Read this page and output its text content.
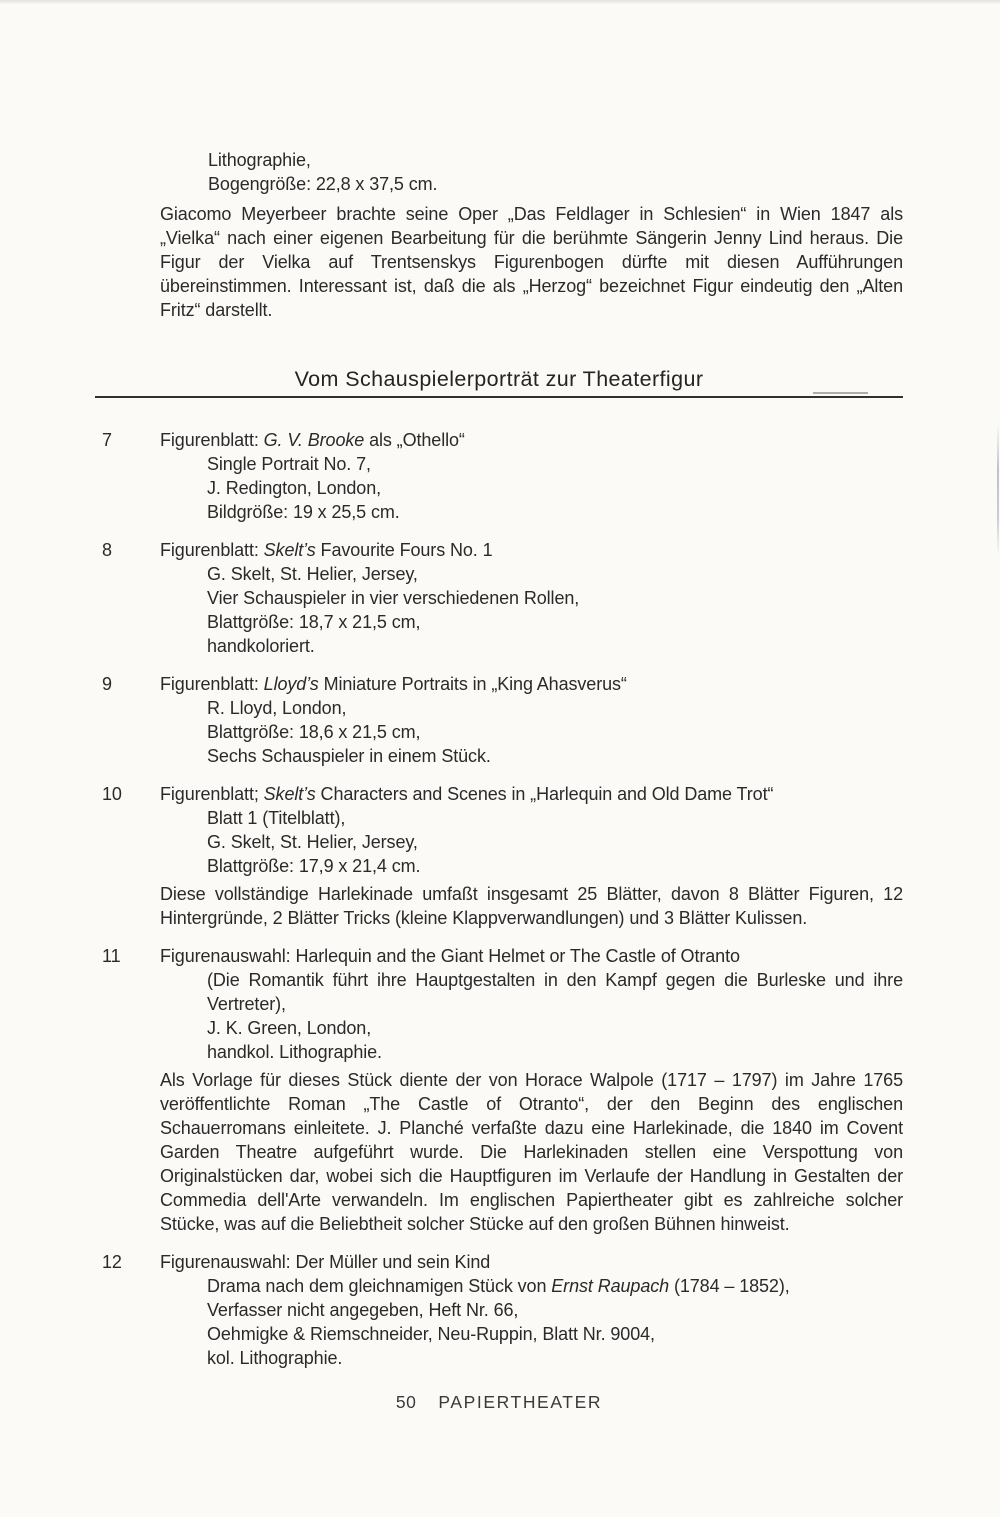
Lithographie,
Bogengröße: 22,8 x 37,5 cm.

Giacomo Meyerbeer brachte seine Oper „Das Feldlager in Schlesien“ in Wien 1847 als „Vielka“ nach einer eigenen Bearbeitung für die berühmte Sängerin Jenny Lind heraus. Die Figur der Vielka auf Trentsenskys Figurenbogen dürfte mit diesen Aufführungen übereinstimmen. Interessant ist, daß die als „Herzog“ bezeichnet Figur eindeutig den „Alten Fritz“ darstellt.

Vom Schauspielerporträt zur Theaterfigur
7	Figurenblatt: G. V. Brooke als „Othello“
Single Portrait No. 7,
J. Redington, London,
Bildgröße: 19 x 25,5 cm.
8	Figurenblatt: Skelt’s Favourite Fours No. 1
G. Skelt, St. Helier, Jersey,
Vier Schauspieler in vier verschiedenen Rollen,
Blattgröße: 18,7 x 21,5 cm,
handkoloriert.
9	Figurenblatt: Lloyd’s Miniature Portraits in „King Ahasverus“
R. Lloyd, London,
Blattgröße: 18,6 x 21,5 cm,
Sechs Schauspieler in einem Stück.
10	Figurenblatt; Skelt’s Characters and Scenes in „Harlequin and Old Dame Trot“
Blatt 1 (Titelblatt),
G. Skelt, St. Helier, Jersey,
Blattgröße: 17,9 x 21,4 cm.

Diese vollständige Harlekinade umfaßt insgesamt 25 Blätter, davon 8 Blätter Figuren, 12 Hintergründe, 2 Blätter Tricks (kleine Klappverwandlungen) und 3 Blätter Kulissen.

11	Figurenauswahl: Harlequin and the Giant Helmet or The Castle of Otranto
(Die Romantik führt ihre Hauptgestalten in den Kampf gegen die Burleske und ihre Vertreter),
J. K. Green, London,
handkol. Lithographie.

Als Vorlage für dieses Stück diente der von Horace Walpole (1717 – 1797) im Jahre 1765 veröffentlichte Roman „The Castle of Otranto“, der den Beginn des englischen Schauerromans einleitete. J. Planché verfaßte dazu eine Harlekinade, die 1840 im Covent Garden Theatre aufgeführt wurde. Die Harlekinaden stellen eine Verspottung von Originalstücken dar, wobei sich die Hauptfiguren im Verlaufe der Handlung in Gestalten der Commedia dell'Arte verwandeln. Im englischen Papiertheater gibt es zahlreiche solcher Stücke, was auf die Beliebtheit solcher Stücke auf den großen Bühnen hinweist.

12	Figurenauswahl: Der Müller und sein Kind
Drama nach dem gleichnamigen Stück von Ernst Raupach (1784 – 1852),
Verfasser nicht angegeben, Heft Nr. 66,
Oehmigke & Riemschneider, Neu-Ruppin, Blatt Nr. 9004,
kol. Lithographie.
50 PAPIERTHEATER
